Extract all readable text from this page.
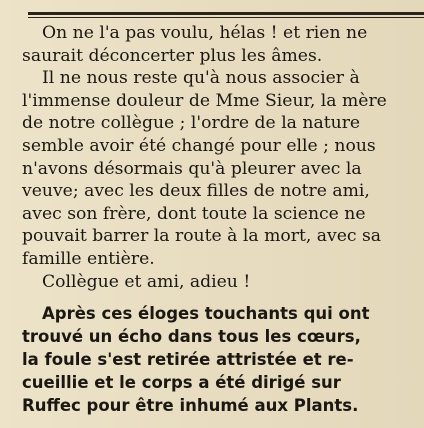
On ne l'a pas voulu, hélas ! et rien ne
saurait déconcerter plus les âmes.

Il ne nous reste qu'à nous associer à
l'immense douleur de Mme Sieur, la mère
de notre collègue ; l'ordre de la nature
semble avoir été changé pour elle ; nous
n'avons désormais qu'à pleurer avec la
veuve; avec les deux filles de notre ami,
avec son frère, dont toute la science ne
pouvait barrer la route à la mort, avec sa
famille entière.

Collègue et ami, adieu !

Après ces éloges touchants qui ont
trouvé un écho dans tous les cœurs,
la foule s'est retirée attristée et re-
cueillie et le corps a été dirigé sur
Ruffec pour être inhumé aux Plants.
